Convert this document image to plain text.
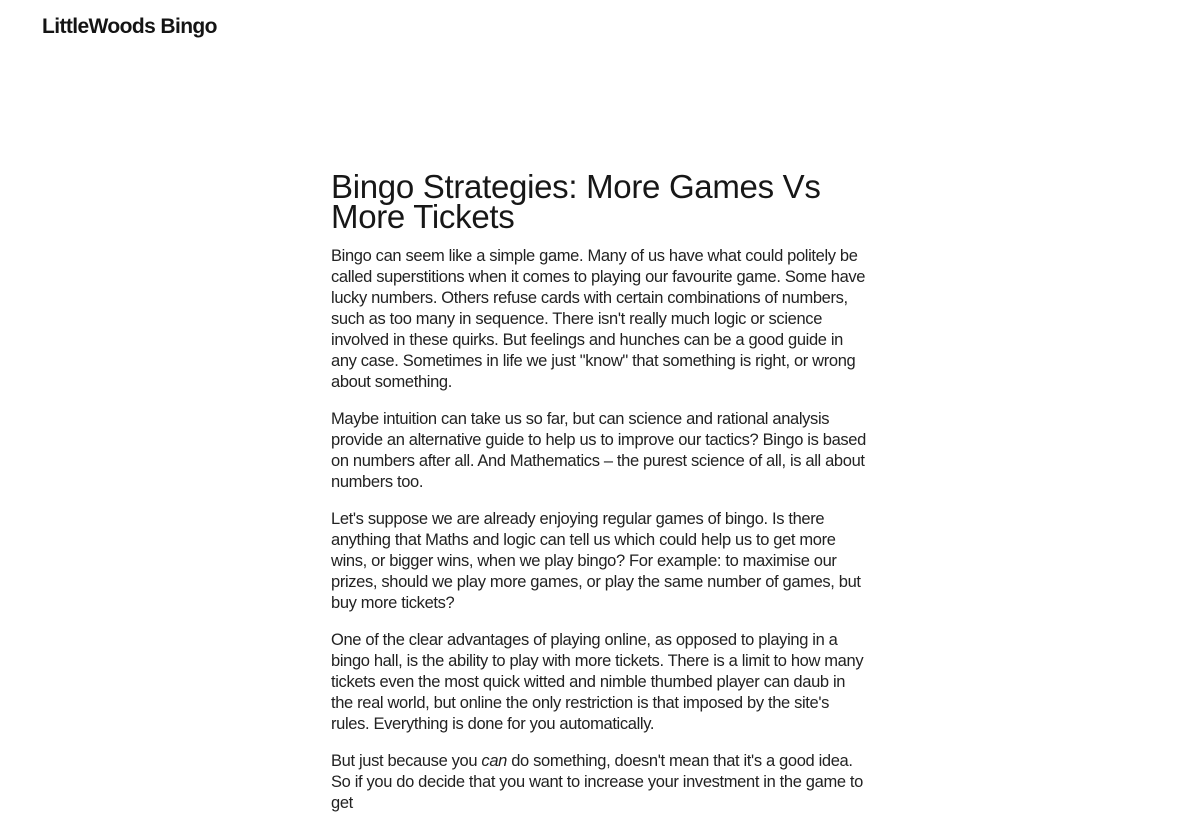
LittleWoods Bingo
Bingo Strategies: More Games Vs More Tickets

Bingo can seem like a simple game. Many of us have what could politely be called superstitions when it comes to playing our favourite game. Some have lucky numbers. Others refuse cards with certain combinations of numbers, such as too many in sequence. There isn't really much logic or science involved in these quirks. But feelings and hunches can be a good guide in any case. Sometimes in life we just "know" that something is right, or wrong about something.

Maybe intuition can take us so far, but can science and rational analysis provide an alternative guide to help us to improve our tactics? Bingo is based on numbers after all. And Mathematics – the purest science of all, is all about numbers too.

Let's suppose we are already enjoying regular games of bingo. Is there anything that Maths and logic can tell us which could help us to get more wins, or bigger wins, when we play bingo? For example: to maximise our prizes, should we play more games, or play the same number of games, but buy more tickets?

One of the clear advantages of playing online, as opposed to playing in a bingo hall, is the ability to play with more tickets. There is a limit to how many tickets even the most quick witted and nimble thumbed player can daub in the real world, but online the only restriction is that imposed by the site's rules. Everything is done for you automatically.

But just because you can do something, doesn't mean that it's a good idea. So if you do decide that you want to increase your investment in the game to get
